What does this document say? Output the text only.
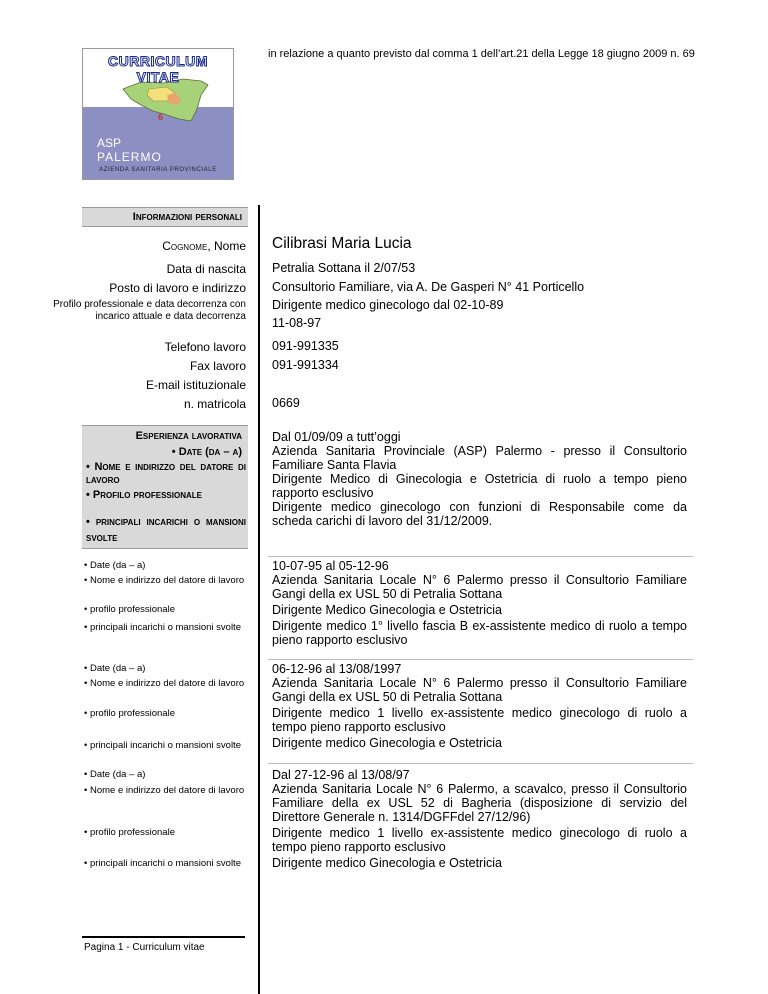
CURRICULUM VITAE
6
ASP
PALERMO
AZIENDA SANITARIA PROVINCIALE
in relazione a quanto previsto dal comma 1 dell’art.21 della Legge 18 giugno 2009 n. 69
Informazioni personali
Cognome, Nome Cilibrasi Maria Lucia
Data di nascita Petralia Sottana il 2/07/53
Posto di lavoro e indirizzo Consultorio Familiare, via A. De Gasperi N° 41 Porticello
Profilo professionale e data decorrenza con incarico attuale e data decorrenza
Dirigente medico ginecologo dal 02-10-89
11-08-97
Telefono lavoro 091-991335
Fax lavoro 091-991334
E-mail istituzionale
n. matricola 0669
Esperienza lavorativa
• Date (da – a)
• Nome e indirizzo del datore di lavoro
• Profilo professionale
• principali incarichi o mansioni svolte

Dal 01/09/09 a tutt’oggi

Azienda Sanitaria Provinciale (ASP) Palermo - presso il Consultorio Familiare Santa Flavia

Dirigente Medico di Ginecologia e Ostetricia di ruolo a tempo pieno rapporto esclusivo

Dirigente medico ginecologo con funzioni di Responsabile come da scheda carichi di lavoro del 31/12/2009.

• Date (da – a)
• Nome e indirizzo del datore di lavoro
• profilo professionale
• principali incarichi o mansioni svolte

10-07-95 al 05-12-96

Azienda Sanitaria Locale N° 6 Palermo presso il Consultorio Familiare Gangi della ex USL 50 di Petralia Sottana

Dirigente Medico Ginecologia e Ostetricia

Dirigente medico 1° livello fascia B ex-assistente medico di ruolo a tempo pieno rapporto esclusivo

• Date (da – a)
• Nome e indirizzo del datore di lavoro
• profilo professionale
• principali incarichi o mansioni svolte

06-12-96 al 13/08/1997

Azienda Sanitaria Locale N° 6 Palermo presso il Consultorio Familiare Gangi della ex USL 50 di Petralia Sottana

Dirigente medico 1 livello ex-assistente medico ginecologo di ruolo a tempo pieno rapporto esclusivo

Dirigente medico Ginecologia e Ostetricia

• Date (da – a)
• Nome e indirizzo del datore di lavoro
• profilo professionale
• principali incarichi o mansioni svolte

Dal 27-12-96 al 13/08/97

Azienda Sanitaria Locale N° 6 Palermo, a scavalco, presso il Consultorio Familiare della ex USL 52 di Bagheria (disposizione di servizio del Direttore Generale n. 1314/DGFFdel 27/12/96)

Dirigente medico 1 livello ex-assistente medico ginecologo di ruolo a tempo pieno rapporto esclusivo

Dirigente medico Ginecologia e Ostetricia

Pagina 1 - Curriculum vitae
